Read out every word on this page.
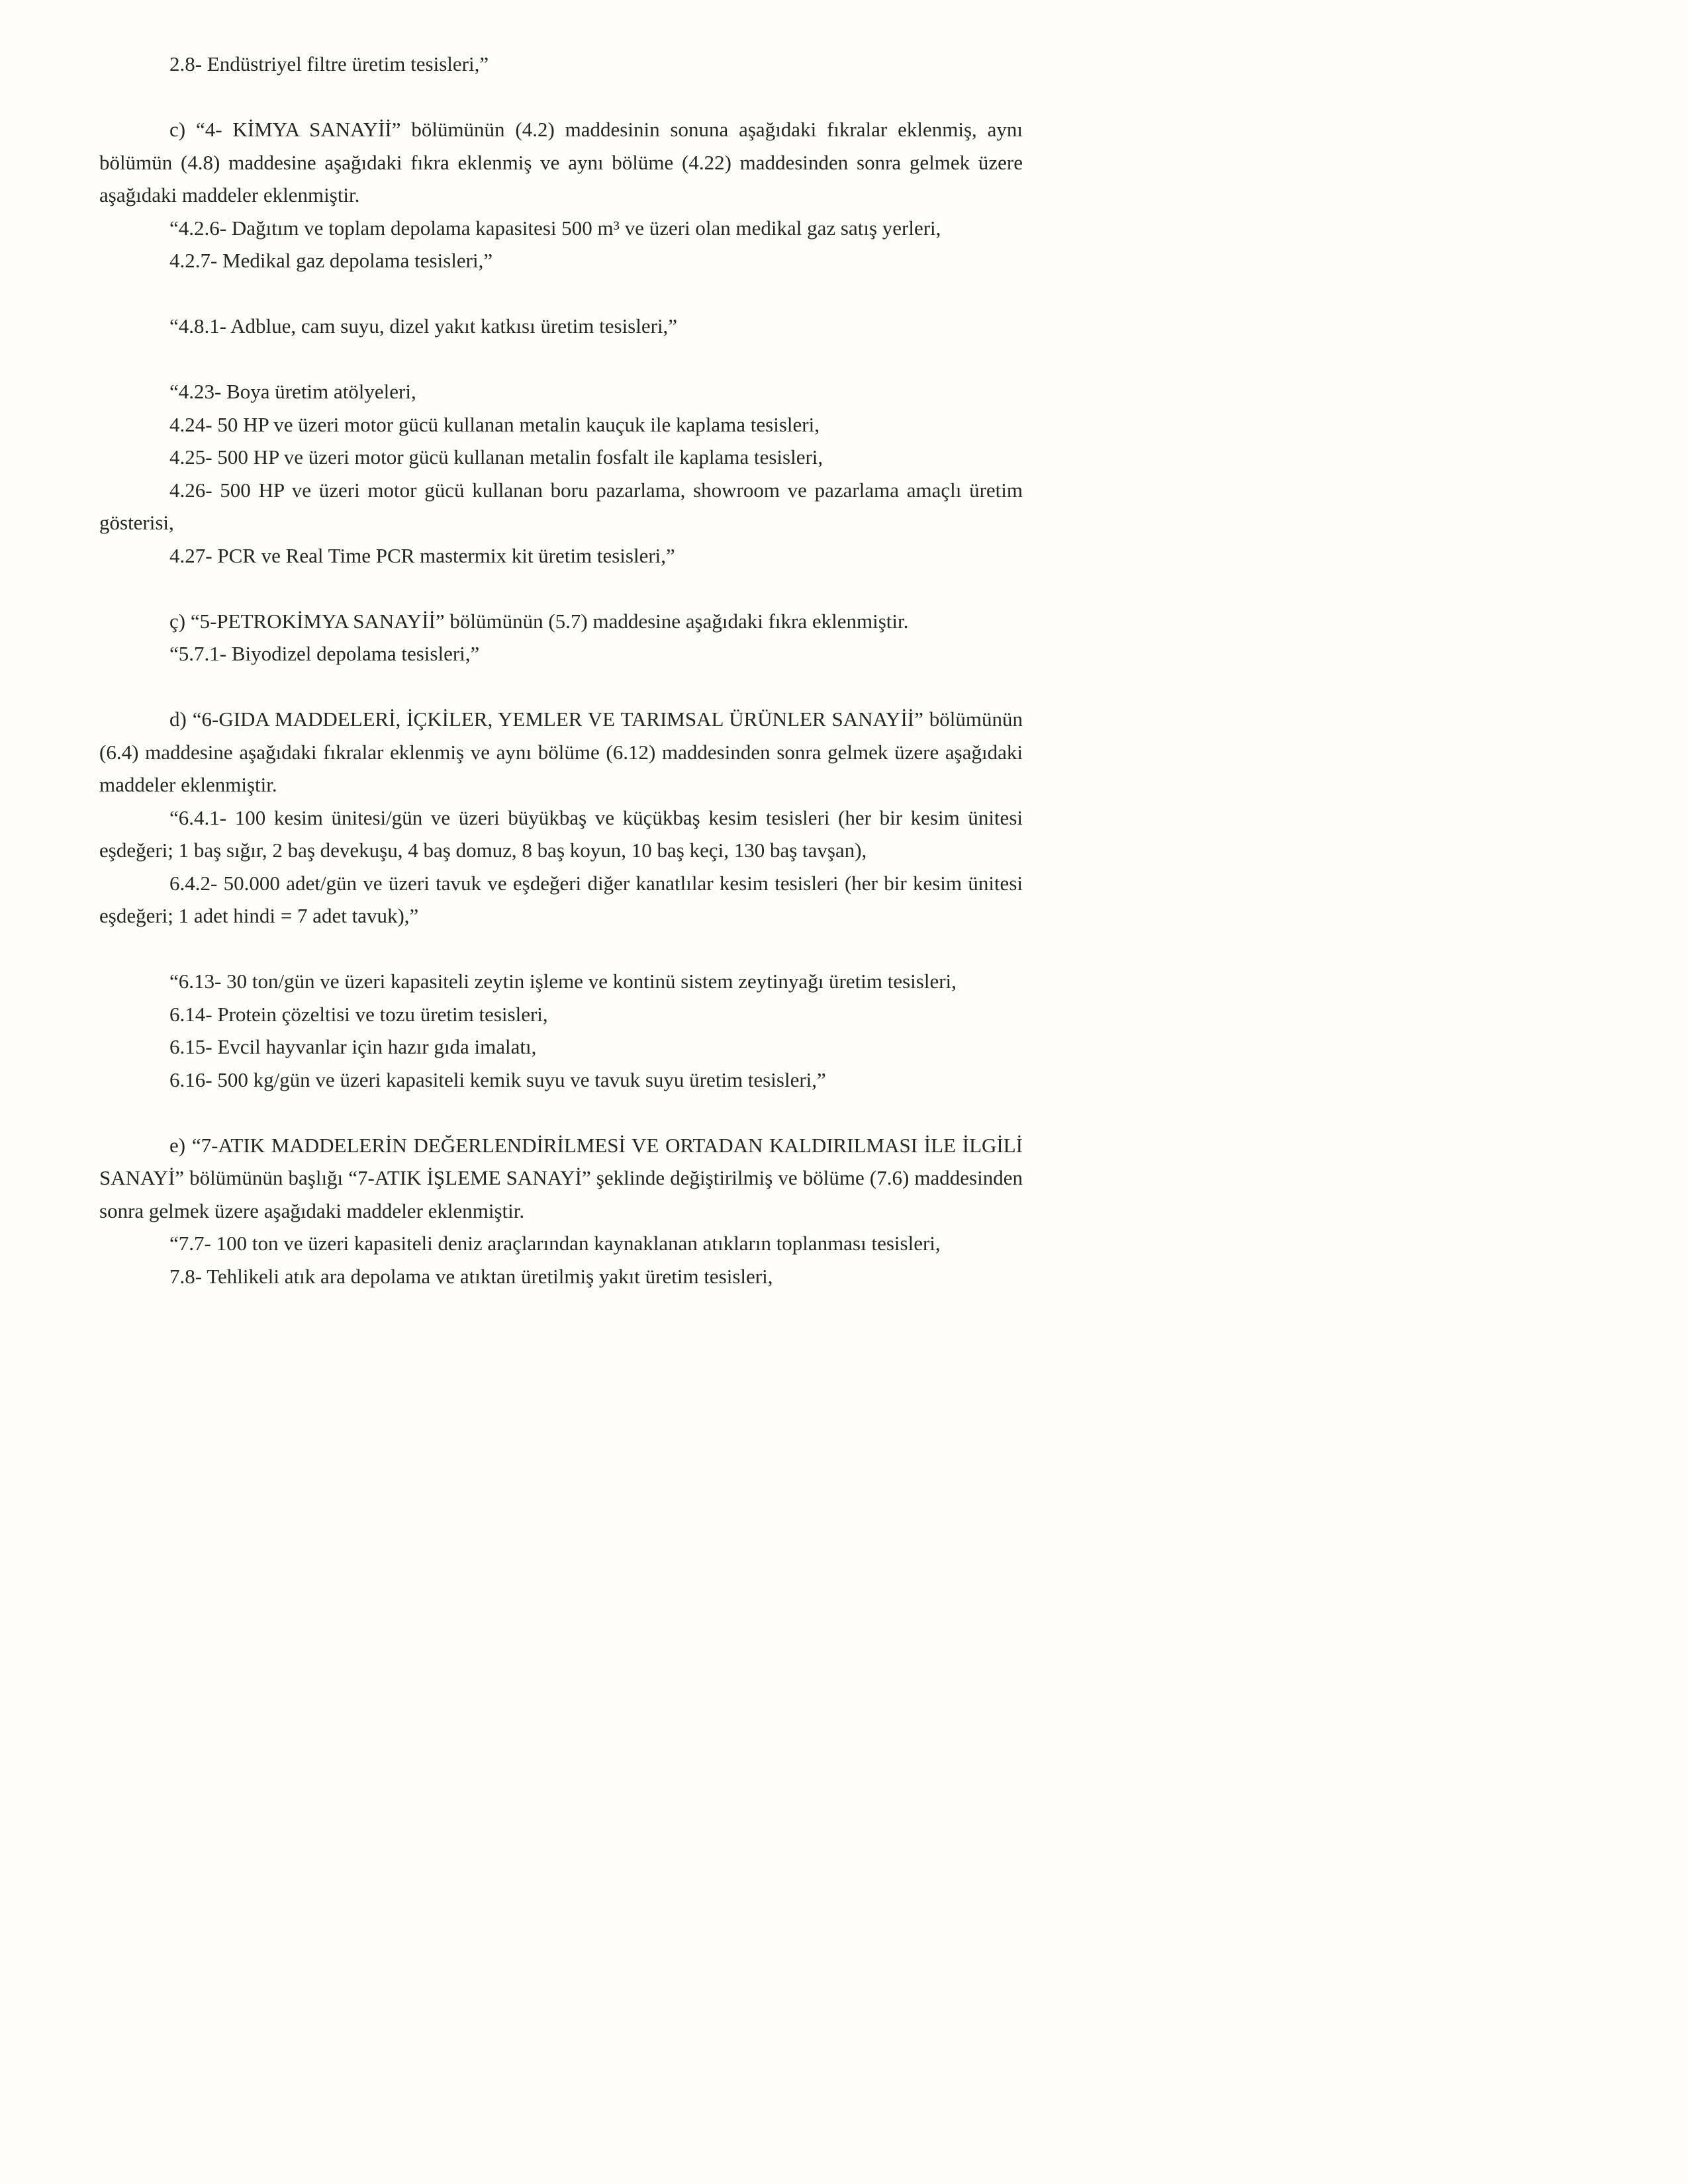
2.8- Endüstriyel filtre üretim tesisleri,”

c) “4- KİMYA SANAYİİ” bölümünün (4.2) maddesinin sonuna aşağıdaki fıkralar eklenmiş, aynı bölümün (4.8) maddesine aşağıdaki fıkra eklenmiş ve aynı bölüme (4.22) maddesinden sonra gelmek üzere aşağıdaki maddeler eklenmiştir.

“4.2.6- Dağıtım ve toplam depolama kapasitesi 500 m³ ve üzeri olan medikal gaz satış yerleri,

4.2.7- Medikal gaz depolama tesisleri,”

“4.8.1- Adblue, cam suyu, dizel yakıt katkısı üretim tesisleri,”

“4.23- Boya üretim atölyeleri,

4.24- 50 HP ve üzeri motor gücü kullanan metalin kauçuk ile kaplama tesisleri,

4.25- 500 HP ve üzeri motor gücü kullanan metalin fosfalt ile kaplama tesisleri,

4.26- 500 HP ve üzeri motor gücü kullanan boru pazarlama, showroom ve pazarlama amaçlı üretim gösterisi,

4.27- PCR ve Real Time PCR mastermix kit üretim tesisleri,”

ç) “5-PETROKİMYA SANAYİİ” bölümünün (5.7) maddesine aşağıdaki fıkra eklenmiştir.

“5.7.1- Biyodizel depolama tesisleri,”

d) “6-GIDA MADDELERİ, İÇKİLER, YEMLER VE TARIMSAL ÜRÜNLER SANAYİİ” bölümünün (6.4) maddesine aşağıdaki fıkralar eklenmiş ve aynı bölüme (6.12) maddesinden sonra gelmek üzere aşağıdaki maddeler eklenmiştir.

“6.4.1- 100 kesim ünitesi/gün ve üzeri büyükbaş ve küçükbaş kesim tesisleri (her bir kesim ünitesi eşdeğeri; 1 baş sığır, 2 baş devekuşu, 4 baş domuz, 8 baş koyun, 10 baş keçi, 130 baş tavşan),

6.4.2- 50.000 adet/gün ve üzeri tavuk ve eşdeğeri diğer kanatlılar kesim tesisleri (her bir kesim ünitesi eşdeğeri; 1 adet hindi = 7 adet tavuk),”

“6.13- 30 ton/gün ve üzeri kapasiteli zeytin işleme ve kontinü sistem zeytinyağı üretim tesisleri,

6.14- Protein çözeltisi ve tozu üretim tesisleri,

6.15- Evcil hayvanlar için hazır gıda imalatı,

6.16- 500 kg/gün ve üzeri kapasiteli kemik suyu ve tavuk suyu üretim tesisleri,”

e) “7-ATIK MADDELERİN DEĞERLENDİRİLMESİ VE ORTADAN KALDIRILMASI İLE İLGİLİ SANAYİ” bölümünün başlığı “7-ATIK İŞLEME SANAYİ” şeklinde değiştirilmiş ve bölüme (7.6) maddesinden sonra gelmek üzere aşağıdaki maddeler eklenmiştir.

“7.7- 100 ton ve üzeri kapasiteli deniz araçlarından kaynaklanan atıkların toplanması tesisleri,

7.8- Tehlikeli atık ara depolama ve atıktan üretilmiş yakıt üretim tesisleri,
